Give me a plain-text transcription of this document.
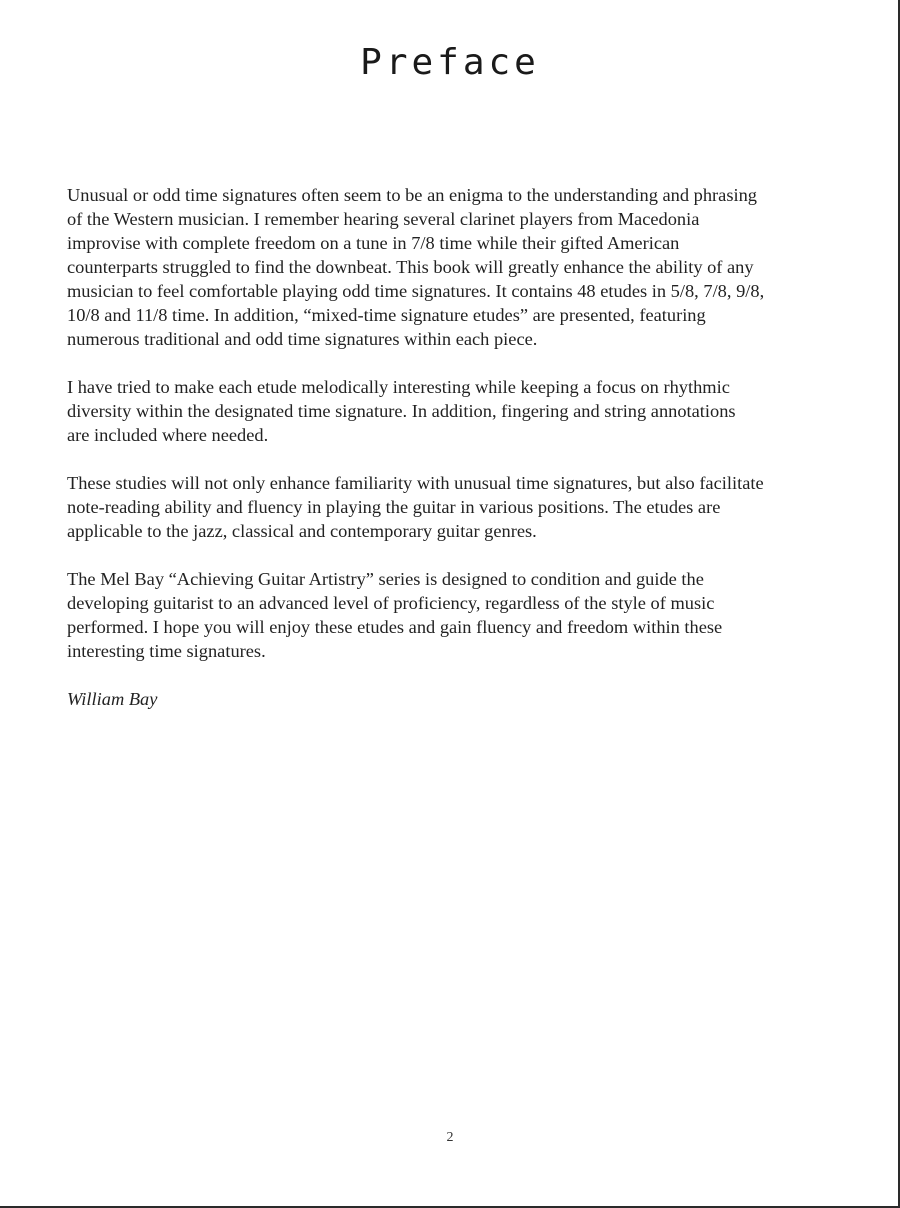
Preface

Unusual or odd time signatures often seem to be an enigma to the understanding and phrasing
of the Western musician. I remember hearing several clarinet players from Macedonia
improvise with complete freedom on a tune in 7/8 time while their gifted American
counterparts struggled to find the downbeat. This book will greatly enhance the ability of any
musician to feel comfortable playing odd time signatures. It contains 48 etudes in 5/8, 7/8, 9/8,
10/8 and 11/8 time. In addition, “mixed-time signature etudes” are presented, featuring
numerous traditional and odd time signatures within each piece.

I have tried to make each etude melodically interesting while keeping a focus on rhythmic
diversity within the designated time signature. In addition, fingering and string annotations
are included where needed.

These studies will not only enhance familiarity with unusual time signatures, but also facilitate
note-reading ability and fluency in playing the guitar in various positions. The etudes are
applicable to the jazz, classical and contemporary guitar genres.

The Mel Bay “Achieving Guitar Artistry” series is designed to condition and guide the
developing guitarist to an advanced level of proficiency, regardless of the style of music
performed. I hope you will enjoy these etudes and gain fluency and freedom within these
interesting time signatures.

William Bay

2
